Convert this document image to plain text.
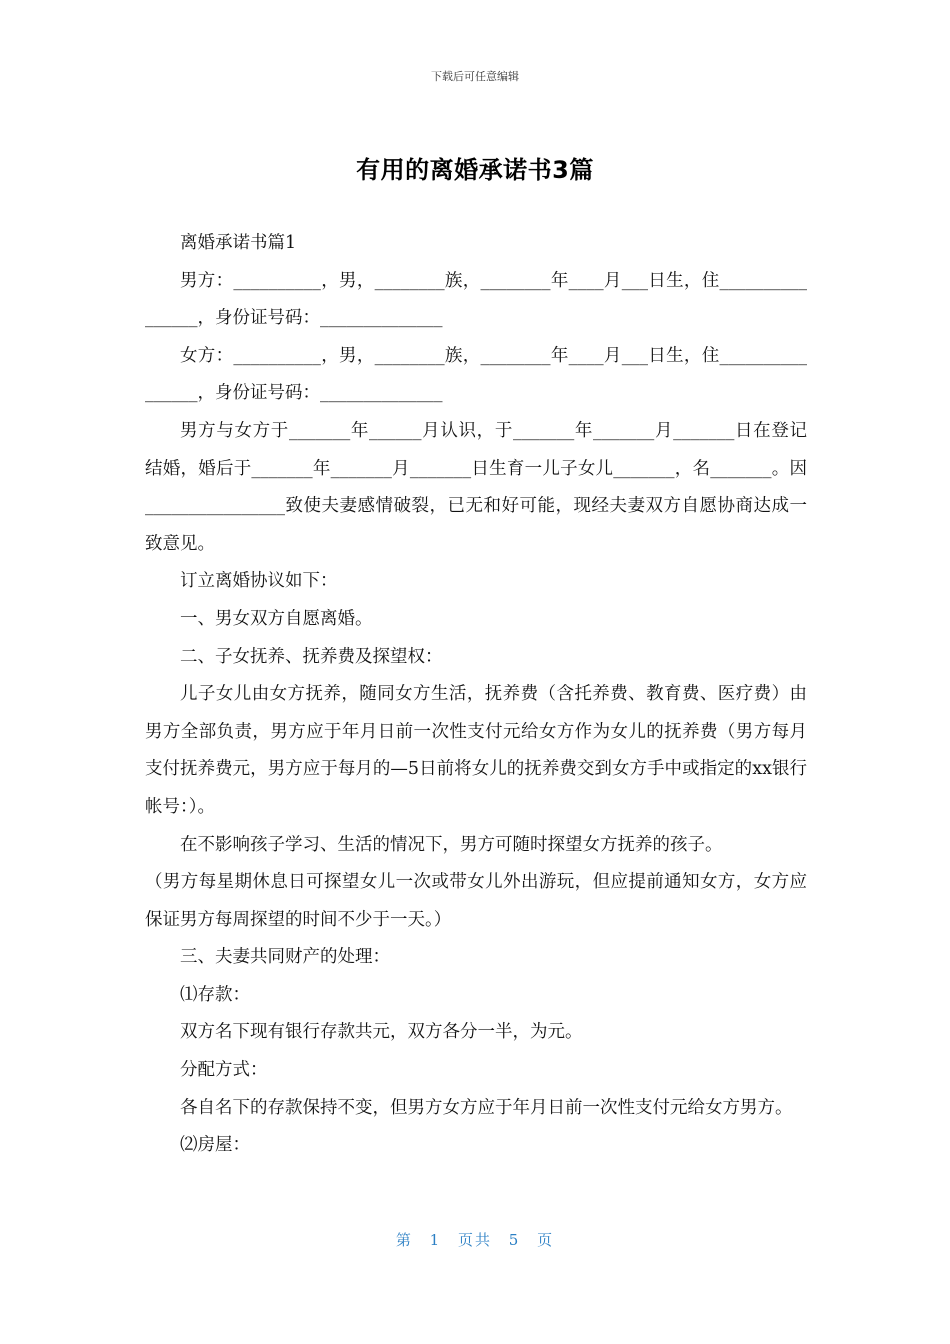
下载后可任意编辑
有用的离婚承诺书3篇

离婚承诺书篇1

男方：__________，男，________族，________年____月___日生，住________________，身份证号码：______________

女方：__________，男，________族，________年____月___日生，住________________，身份证号码：______________

男方与女方于_______年______月认识，于_______年_______月_______日在登记结婚，婚后于_______年_______月_______日生育一儿子女儿_______，名_______。因________________致使夫妻感情破裂，已无和好可能，现经夫妻双方自愿协商达成一致意见。

订立离婚协议如下：

一、男女双方自愿离婚。

二、子女抚养、抚养费及探望权：

儿子女儿由女方抚养，随同女方生活，抚养费（含托养费、教育费、医疗费）由男方全部负责，男方应于年月日前一次性支付元给女方作为女儿的抚养费（男方每月支付抚养费元，男方应于每月的—5日前将女儿的抚养费交到女方手中或指定的xx银行帐号：）。

在不影响孩子学习、生活的情况下，男方可随时探望女方抚养的孩子。

（男方每星期休息日可探望女儿一次或带女儿外出游玩，但应提前通知女方，女方应保证男方每周探望的时间不少于一天。）

三、夫妻共同财产的处理：

⑴存款：

双方名下现有银行存款共元，双方各分一半，为元。

分配方式：

各自名下的存款保持不变，但男方女方应于年月日前一次性支付元给女方男方。

⑵房屋：

第 1 页共 5 页
